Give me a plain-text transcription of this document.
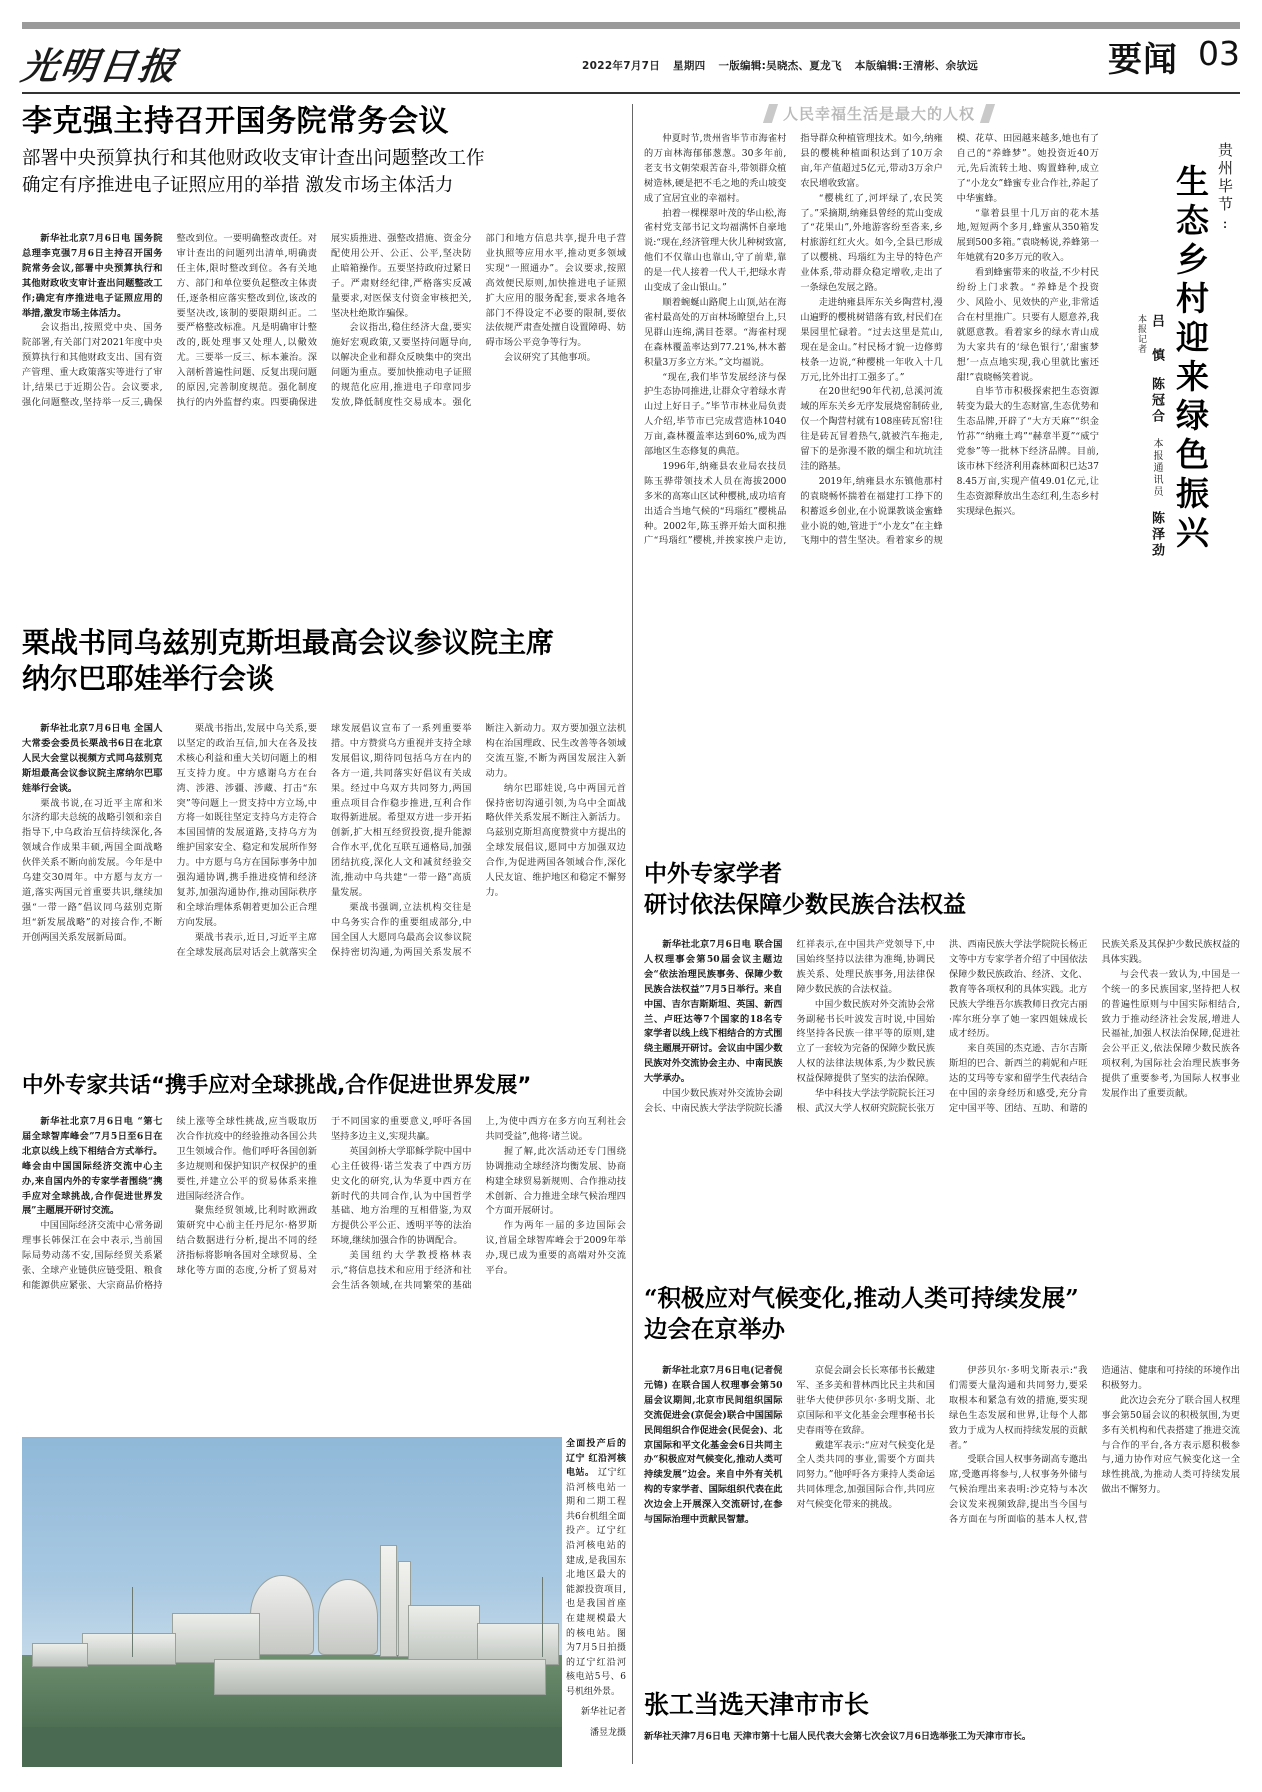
光明日报	2022年7月7日 星期四 一版编辑:吴晓杰、夏龙飞 本版编辑:王清彬、余欤远	要闻 03
李克强主持召开国务院常务会议
部署中央预算执行和其他财政收支审计查出问题整改工作
确定有序推进电子证照应用的举措 激发市场主体活力

新华社北京7月6日电 国务院总理李克强7月6日主持召开国务院常务会议,部署中央预算执行和其他财政收支审计查出问题整改工作;确定有序推进电子证照应用的举措,激发市场主体活力。

会议指出,按照党中央、国务院部署,有关部门对2021年度中央预算执行和其他财政支出、国有资产管理、重大政策落实等进行了审计,结果已于近期公告。会议要求,强化问题整改,坚持举一反三,确保整改到位。一要明确整改责任。对审计查出的问题列出清单,明确责任主体,限时整改到位。各有关地方、部门和单位要负起整改主体责任,逐条相应落实整改到位,该改的要坚决改,该制的要限期纠正。二要严格整改标准。凡是明确审计整改的,既处理事又处理人,以儆效尤。三要举一反三、标本兼治。深入剖析普遍性问题、反复出现问题的原因,完善制度规范。强化制度执行的内外监督约束。四要确保进展实质推进、强整改措施、资金分配使用公开、公正、公平,坚决防止暗箱操作。五要坚持政府过紧日子。严肃财经纪律,严格落实反减量要求,对医保支付资金审核把关,坚决杜绝欺诈骗保。

会议指出,稳住经济大盘,要实施好宏观政策,又要坚持问题导向,以解决企业和群众反映集中的突出问题为重点。要加快推动电子证照的规范化应用,推进电子印章同步发放,降低制度性交易成本。强化部门和地方信息共享,提升电子营业执照等应用水平,推动更多领域实现“一照通办”。会议要求,按照高效便民原则,加快推进电子证照扩大应用的服务配套,要求各地各部门不得设定不必要的限制,要依法依规严肃查处擅自设置障碍、妨碍市场公平竞争等行为。

会议研究了其他事项。

栗战书同乌兹别克斯坦最高会议参议院主席
纳尔巴耶娃举行会谈

新华社北京7月6日电 全国人大常委会委员长栗战书6日在北京人民大会堂以视频方式同乌兹别克斯坦最高会议参议院主席纳尔巴耶娃举行会谈。

栗战书说,在习近平主席和米尔济约耶夫总统的战略引领和亲自指导下,中乌政治互信持续深化,各领域合作成果丰硕,两国全面战略伙伴关系不断向前发展。今年是中乌建交30周年。中方愿与友方一道,落实两国元首重要共识,继续加强“一带一路”倡议同乌兹别克斯坦“新发展战略”的对接合作,不断开创两国关系发展新局面。

栗战书指出,发展中乌关系,要以坚定的政治互信,加大在各及技术核心利益和重大关切问题上的相互支持力度。中方感谢乌方在台湾、涉港、涉疆、涉藏、打击“东突”等问题上一贯支持中方立场,中方将一如既往坚定支持乌方走符合本国国情的发展道路,支持乌方为维护国家安全、稳定和发展所作努力。中方愿与乌方在国际事务中加强沟通协调,携手推进疫情和经济复苏,加强沟通协作,推动国际秩序和全球治理体系朝着更加公正合理方向发展。

栗战书表示,近日,习近平主席在全球发展高层对话会上就落实全球发展倡议宣布了一系列重要举措。中方赞赏乌方重视并支持全球发展倡议,期待同包括乌方在内的各方一道,共同落实好倡议有关成果。经过中乌双方共同努力,两国重点项目合作稳步推进,互利合作取得新进展。希望双方进一步开拓创新,扩大相互经贸投资,提升能源合作水平,优化互联互通格局,加强团结抗疫,深化人文和减贫经验交流,推动中乌共建“一带一路”高质量发展。

栗战书强调,立法机构交往是中乌务实合作的重要组成部分,中国全国人大愿同乌最高会议参议院保持密切沟通,为两国关系发展不断注入新动力。双方要加强立法机构在治国理政、民生改善等各领域交流互鉴,不断为两国发展注入新动力。

纳尔巴耶娃说,乌中两国元首保持密切沟通引领,为乌中全面战略伙伴关系发展不断注入新活力。乌兹别克斯坦高度赞赏中方提出的全球发展倡议,愿同中方加强双边合作,为促进两国各领域合作,深化人民友谊、维护地区和稳定不懈努力。

中外专家共话“携手应对全球挑战,合作促进世界发展”

新华社北京7月6日电 “第七届全球智库峰会”7月5日至6日在北京以线上线下相结合方式举行。峰会由中国国际经济交流中心主办,来自国内外的专家学者围绕“携手应对全球挑战,合作促进世界发展”主题展开研讨交流。

中国国际经济交流中心常务副理事长韩保江在会中表示,当前国际局势动荡不安,国际经贸关系紧张、全球产业链供应链受阻、粮食和能源供应紧张、大宗商品价格持续上涨等全球性挑战,应当吸取历次合作抗疫中的经验推动各国公共卫生领域合作。他们呼吁各国创新多边规则和保护知识产权保护的重要性,并建立公平的贸易体系来推进国际经济合作。

聚焦经贸领域,比利时欧洲政策研究中心前主任丹尼尔·格罗斯结合数据进行分析,提出不同的经济指标将影响各国对全球贸易、全球化等方面的态度,分析了贸易对于不同国家的重要意义,呼吁各国坚持多边主义,实现共赢。

英国剑桥大学耶稣学院中国中心主任彼得·诺兰发表了中西方历史文化的研究,认为华夏中西方在新时代的共同合作,认为中国哲学基础、地方治理的互相借鉴,为双方提供公平公正、透明平等的法治环境,继续加强合作的协调配合。

美国纽约大学教授格林表示,“将信息技术和应用于经济和社会生活各领域,在共同繁荣的基础上,为使中西方在多方向互利社会共同受益”,他将·诸兰说。

握了解,此次活动还专门围绕协调推动全球经济均衡发展、协商构建全球贸易新规则、合作推动技术创新、合力推进全球气候治理四个方面开展研讨。

作为两年一届的多边国际会议,首届全球智库峰会于2009年举办,现已成为重要的高端对外交流平台。

全面投产后的辽宁 红沿河核电站。 辽宁红沿河核电站一期和二期工程共6台机组全面投产。辽宁红沿河核电站的建成,是我国东北地区最大的能源投资项目,也是我国首座在建规模最大的核电站。图为7月5日拍摄的辽宁红沿河核电站5号、6号机组外景。
新华社记者
潘昱龙摄
人民幸福生活是最大的人权

仲夏时节,贵州省毕节市海雀村的万亩林海郁郁葱葱。30多年前,老支书文朝荣艰苦奋斗,带领群众植树造林,硬是把不毛之地的秃山坡变成了宜居宜业的幸福村。

拍着一棵棵翠叶茂的华山松,海雀村党支部书记文均福满怀自豪地说:“现在,经济管理大伙儿种树致富,他们不仅靠山也靠山,守了前辈,靠的是一代人接着一代人干,把绿水青山变成了金山银山。”

顺着蜿蜒山路爬上山顶,站在海雀村最高处的万亩林场瞭望台上,只见群山连绵,满目苍翠。“海雀村现在森林覆盖率达到77.21%,林木蓄积量3万多立方米。”文均福说。

“现在,我们毕节发展经济与保护生态协同推进,让群众守着绿水青山过上好日子。”毕节市林业局负责人介绍,毕节市已完成营造林1040万亩,森林覆盖率达到60%,成为西部地区生态修复的典范。

1996年,纳雍县农业局农技员陈玉骅带领技术人员在海拔2000多米的高寒山区试种樱桃,成功培育出适合当地气候的“玛瑙红”樱桃品种。2002年,陈玉骅开始大面积推广“玛瑙红”樱桃,并挨家挨户走访,指导群众种植管理技术。如今,纳雍县的樱桃种植面积达到了10万余亩,年产值超过5亿元,带动3万余户农民增收致富。

“樱桃红了,河坪绿了,农民笑了。”采摘期,纳雍县曾经的荒山变成了“花果山”,外地游客纷至沓来,乡村旅游红红火火。如今,全县已形成了以樱桃、玛瑙红为主导的特色产业体系,带动群众稳定增收,走出了一条绿色发展之路。

走进纳雍县厍东关乡陶营村,漫山遍野的樱桃树错落有致,村民们在果园里忙碌着。“过去这里是荒山,现在是金山。”村民杨才貌一边修剪枝条一边说,“种樱桃一年收入十几万元,比外出打工强多了。”

在20世纪90年代初,总溪河流域的厍东关乡无序发展烧窑制砖业,仅一个陶营村就有108座砖瓦窑!往往是砖瓦冒着热气,就被汽车拖走,留下的是弥漫不散的烟尘和坑坑洼洼的路基。

2019年,纳雍县水东镇他那村的袁晓畅怀揣着在福建打工挣下的积蓄返乡创业,在小说课教谈金蜜蜂业小说的她,管进于“小龙女”在主蜂飞翔中的营生坚决。看着家乡的规模、花草、田园越来越多,她也有了自己的“养蜂梦”。她投资近40万元,先后流转土地、购置蜂种,成立了“小龙女”蜂蜜专业合作社,养起了中华蜜蜂。

“靠着县里十几万亩的花木基地,短短两个多月,蜂蜜从350箱发展到500多箱。”袁晓畅说,养蜂第一年她就有20多万元的收入。

看到蜂蜜带来的收益,不少村民纷纷上门求教。“养蜂是个投资少、风险小、见效快的产业,非常适合在村里推广。只要有人愿意养,我就愿意教。看着家乡的绿水青山成为大家共有的‘绿色银行’,‘甜蜜梦想’一点点地实现,我心里就比蜜还甜!”袁晓畅笑着说。

自毕节市积极探索把生态资源转变为最大的生态财富,生态优势和生态品牌,开辟了“大方天麻”“织金竹荪”“纳雍土鸡”“赫章半夏”“威宁党参”等一批林下经济品牌。目前,该市林下经济利用森林面积已达378.45万亩,实现产值49.01亿元,让生态资源释放出生态红利,生态乡村实现绿色振兴。

贵州毕节:
生态乡村迎来绿色振兴
本报记者 吕 慎 陈冠合 本报通讯员 陈泽劲
中外专家学者
研讨依法保障少数民族合法权益

新华社北京7月6日电 联合国人权理事会第50届会议主题边会“依法治理民族事务、保障少数民族合法权益”7月5日举行。来自中国、吉尔吉斯斯坦、英国、新西兰、卢旺达等7个国家的18名专家学者以线上线下相结合的方式围绕主题展开研讨。会议由中国少数民族对外交流协会主办、中南民族大学承办。

中国少数民族对外交流协会副会长、中南民族大学法学院院长潘红祥表示,在中国共产党领导下,中国始终坚持以法律为准绳,协调民族关系、处理民族事务,用法律保障少数民族的合法权益。

中国少数民族对外交流协会常务副秘书长叶波发言时说,中国始终坚持各民族一律平等的原则,建立了一套较为完备的保障少数民族人权的法律法规体系,为少数民族权益保障提供了坚实的法治保障。

华中科技大学法学院院长汪习根、武汉大学人权研究院院长张万洪、西南民族大学法学院院长杨正文等中方专家学者介绍了中国依法保障少数民族政治、经济、文化、教育等各项权利的具体实践。北方民族大学维吾尔族教师日孜完古丽·库尔班分享了她一家四姐妹成长成才经历。

来自英国的杰克逊、吉尔吉斯斯坦的巴合、新西兰的莉妮和卢旺达的艾玛等专家和留学生代表结合在中国的亲身经历和感受,充分肯定中国平等、团结、互助、和谐的民族关系及其保护少数民族权益的具体实践。

与会代表一致认为,中国是一个统一的多民族国家,坚持把人权的普遍性原则与中国实际相结合,致力于推动经济社会发展,增进人民福祉,加强人权法治保障,促进社会公平正义,依法保障少数民族各项权利,为国际社会治理民族事务提供了重要参考,为国际人权事业发展作出了重要贡献。

“积极应对气候变化,推动人类可持续发展”
边会在京举办

新华社北京7月6日电(记者倪元锦) 在联合国人权理事会第50届会议期间,北京市民间组织国际交流促进会(京促会)联合中国国际民间组织合作促进会(民促会)、北京国际和平文化基金会6日共同主办“积极应对气候变化,推动人类可持续发展”边会。来自中外有关机构的专家学者、国际组织代表在此次边会上开展深入交流研讨,在参与国际治理中贡献民智慧。

京促会副会长长寒郁书长戴建军、圣多美和普林西比民主共和国驻华大使伊莎贝尔·多明戈斯、北京国际和平文化基金会理事秘书长史春雨等在致辞。

戴建军表示:“应对气候变化是全人类共同的事业,需要个方面共同努力。”他呼吁各方秉持人类命运共同体理念,加强国际合作,共同应对气候变化带来的挑战。

伊莎贝尔·多明戈斯表示:“我们需要大量沟通和共同努力,要采取根本和紧急有效的措施,要实现绿色生态发展和世界,让每个人都致力于成为人权而持续发展的贡献者。”

受联合国人权事务副高专邀出席,受邀再将参与,人权事务外储与气候治理出来表明:沙克特与本次会议发来视频致辞,提出当今国与各方面在与所面临的基本人权,营造通洁、健康和可持续的环境作出积极努力。

此次边会充分了联合国人权理事会第50届会议的积极氛围,为更多有关机构和代表搭建了推进交流与合作的平台,各方表示愿积极参与,通力协作对应气候变化这一全球性挑战,为推动人类可持续发展做出不懈努力。

张工当选天津市市长
新华社天津7月6日电 天津市第十七届人民代表大会第七次会议7月6日选举张工为天津市市长。
